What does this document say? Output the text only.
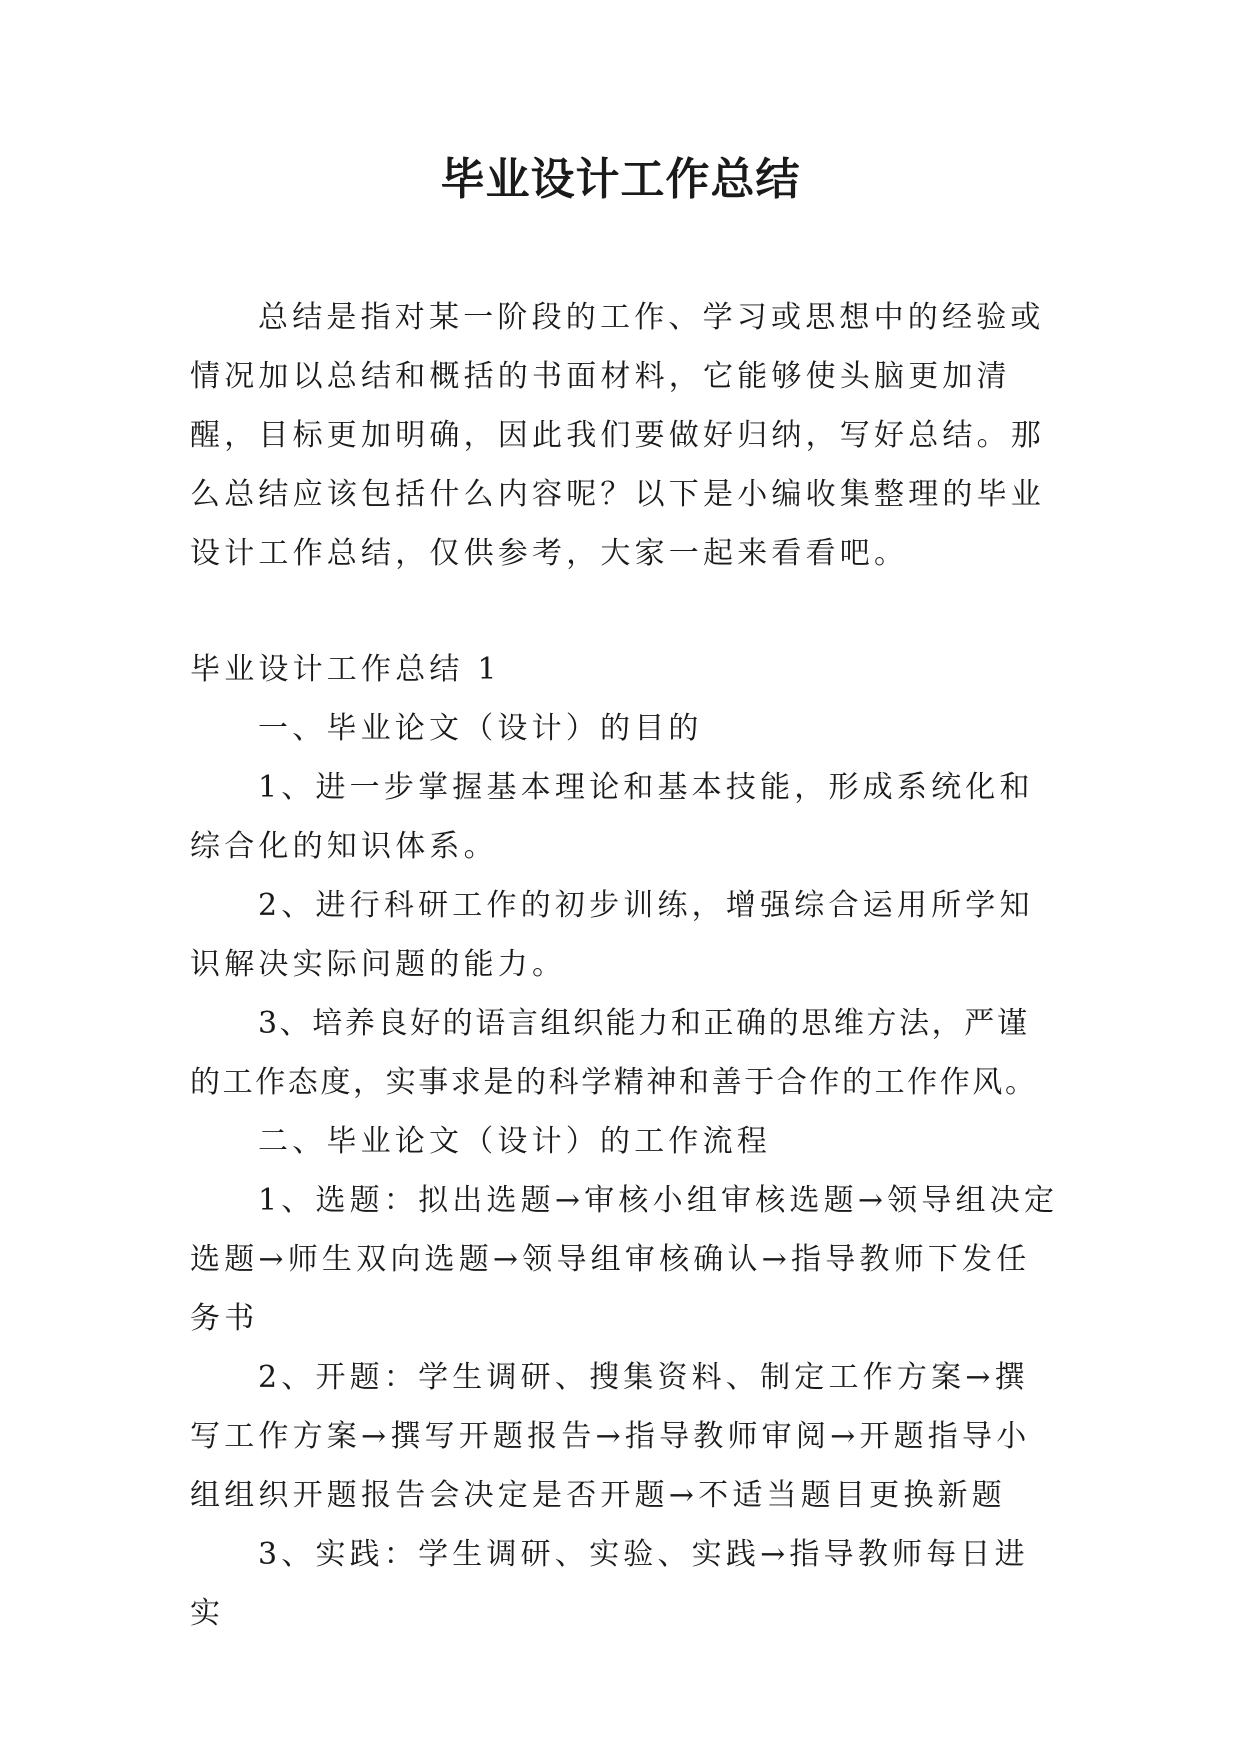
毕业设计工作总结
总结是指对某一阶段的工作、学习或思想中的经验或情况加以总结和概括的书面材料，它能够使头脑更加清醒，目标更加明确，因此我们要做好归纳，写好总结。那么总结应该包括什么内容呢？以下是小编收集整理的毕业设计工作总结，仅供参考，大家一起来看看吧。

毕业设计工作总结 1

一、毕业论文（设计）的目的

1、进一步掌握基本理论和基本技能，形成系统化和综合化的知识体系。

2、进行科研工作的初步训练，增强综合运用所学知识解决实际问题的能力。

3、培养良好的语言组织能力和正确的思维方法，严谨的工作态度，实事求是的科学精神和善于合作的工作作风。

二、毕业论文（设计）的工作流程

1、选题：拟出选题→审核小组审核选题→领导组决定选题→师生双向选题→领导组审核确认→指导教师下发任务书

2、开题：学生调研、搜集资料、制定工作方案→撰写工作方案→撰写开题报告→指导教师审阅→开题指导小组组织开题报告会决定是否开题→不适当题目更换新题

3、实践：学生调研、实验、实践→指导教师每日进实
